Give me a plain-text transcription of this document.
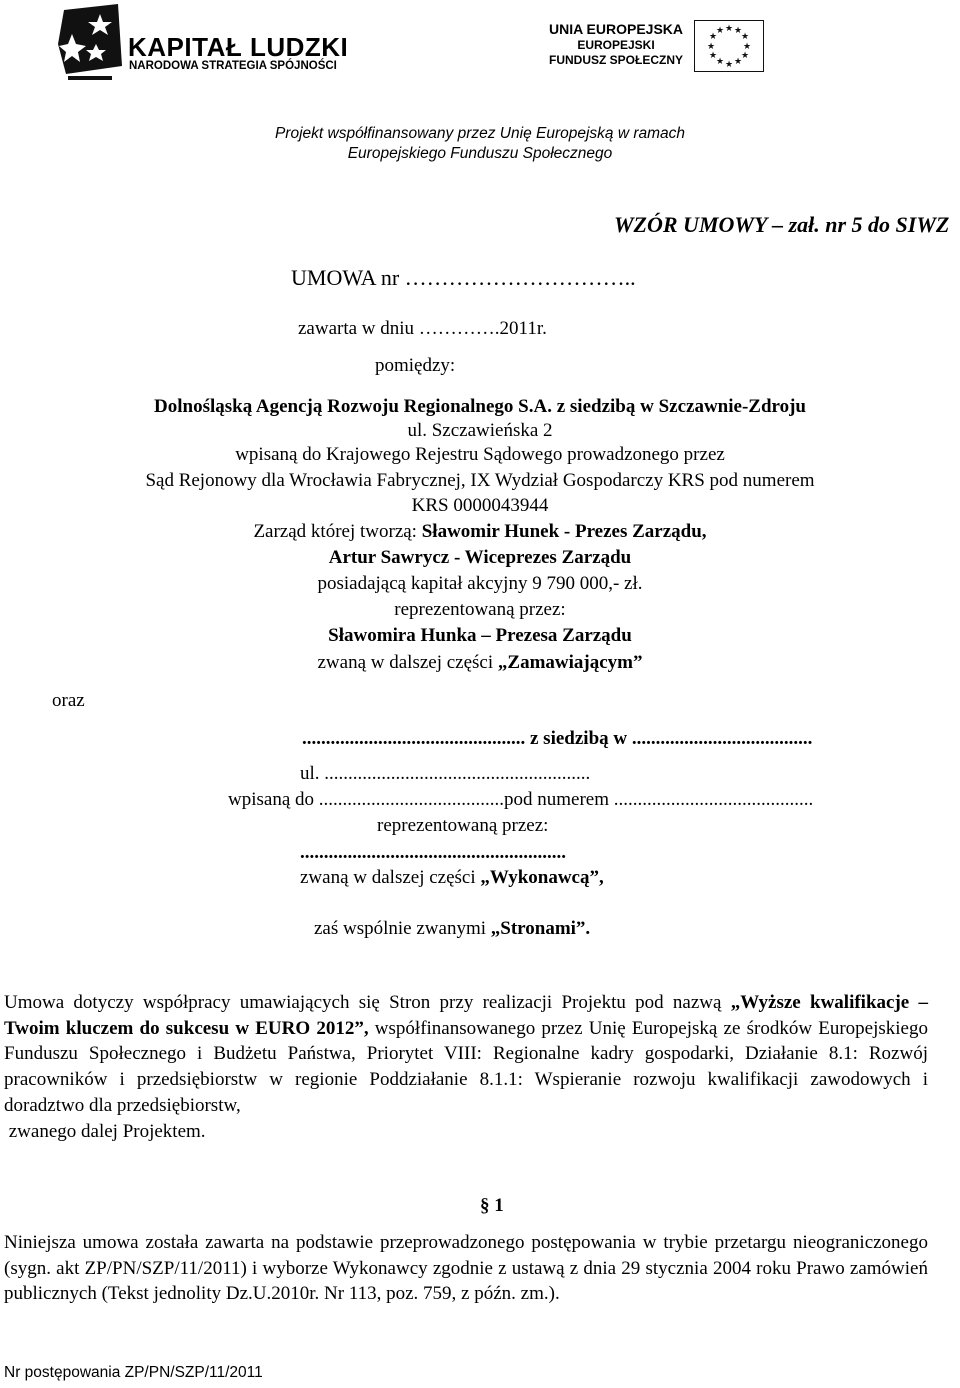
KAPITAŁ LUDZKI
NARODOWA STRATEGIA SPÓJNOŚCI
UNIA EUROPEJSKA
EUROPEJSKI
FUNDUSZ SPOŁECZNY
★ ★
★
★
★
★
★
★
★
★
★
★
Projekt współfinansowany przez Unię Europejską w ramach
Europejskiego Funduszu Społecznego
WZÓR UMOWY – zał. nr 5 do SIWZ
UMOWA nr …………………………..
zawarta w dniu ………….2011r.
pomiędzy:
Dolnośląską Agencją Rozwoju Regionalnego S.A. z siedzibą w Szczawnie-Zdroju
ul. Szczawieńska 2
wpisaną do Krajowego Rejestru Sądowego prowadzonego przez
Sąd Rejonowy dla Wrocławia Fabrycznej, IX Wydział Gospodarczy KRS pod numerem
KRS 0000043944
Zarząd której tworzą: Sławomir Hunek - Prezes Zarządu,
Artur Sawrycz - Wiceprezes Zarządu
posiadającą kapitał akcyjny 9 790 000,- zł.
reprezentowaną przez:
Sławomira Hunka – Prezesa Zarządu
zwaną w dalszej części „Zamawiającym”
oraz
............................................... z siedzibą w ......................................
ul. ........................................................
wpisaną do .......................................pod numerem ..........................................
reprezentowaną przez:
........................................................
zwaną w dalszej części „Wykonawcą”,
zaś wspólnie zwanymi „Stronami”.
Umowa dotyczy współpracy umawiających się Stron przy realizacji Projektu pod nazwą „Wyższe kwalifikacje – Twoim kluczem do sukcesu w EURO 2012”, współfinansowanego przez Unię Europejską ze środków Europejskiego Funduszu Społecznego i Budżetu Państwa, Priorytet VIII: Regionalne kadry gospodarki, Działanie 8.1: Rozwój pracowników i przedsiębiorstw w regionie Poddziałanie 8.1.1: Wspieranie rozwoju kwalifikacji zawodowych i doradztwo dla przedsiębiorstw,
zwanego dalej Projektem.
§ 1
Niniejsza umowa została zawarta na podstawie przeprowadzonego postępowania w trybie przetargu nieograniczonego (sygn. akt ZP/PN/SZP/11/2011) i wyborze Wykonawcy zgodnie z ustawą z dnia 29 stycznia 2004 roku Prawo zamówień publicznych (Tekst jednolity Dz.U.2010r. Nr 113, poz. 759, z późn. zm.).
Nr postępowania ZP/PN/SZP/11/2011
